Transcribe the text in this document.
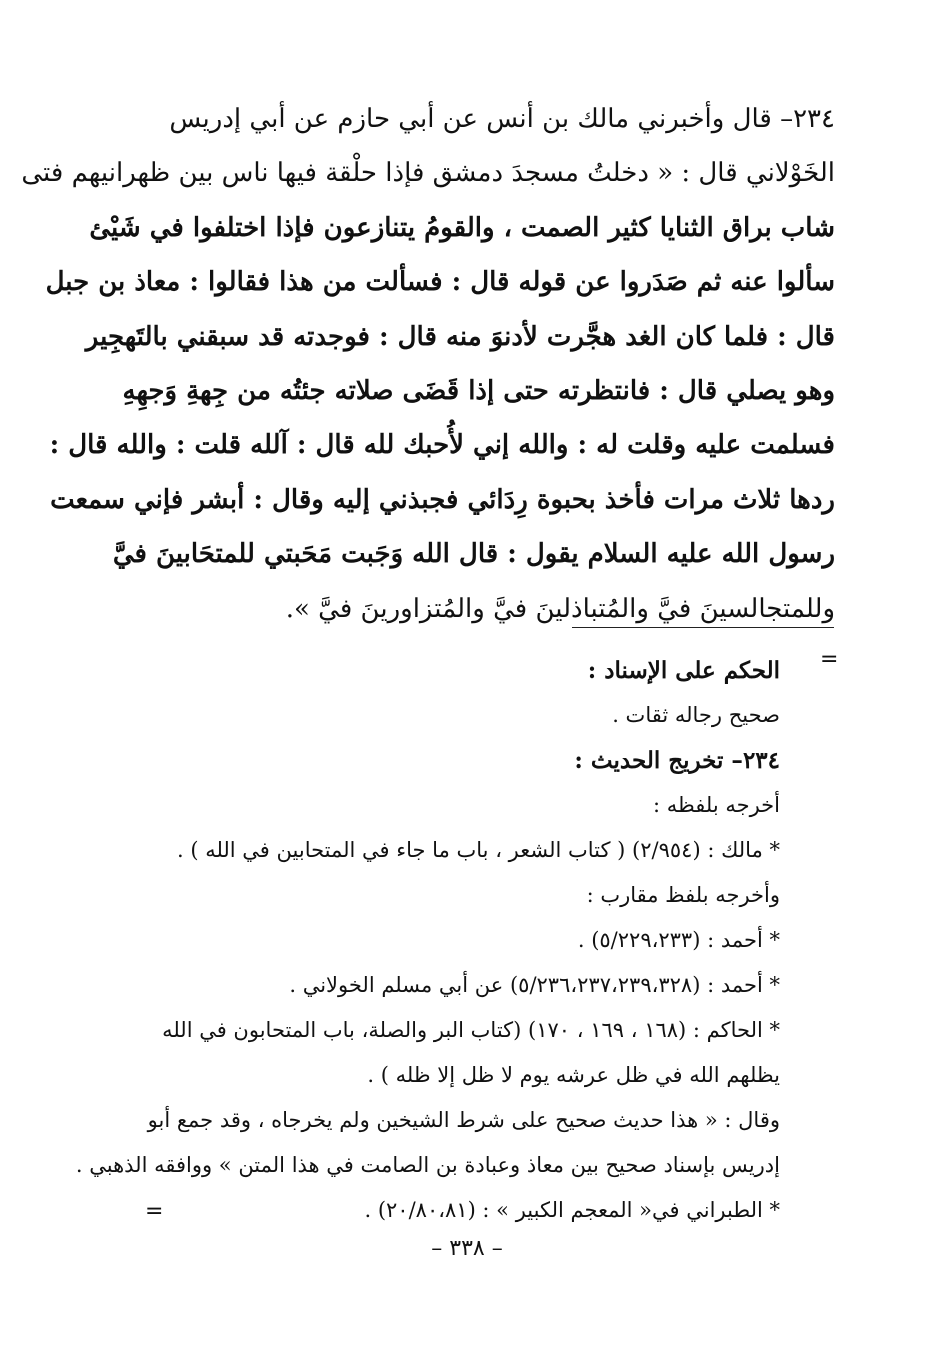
٢٣٤– قال وأخبرني مالك بن أنس عن أبي حازم عن أبي إدريس
الخَوْلاني قال : « دخلتُ مسجدَ دمشق فإذا حلْقة فيها ناس بين ظهرانيهم فتى
شاب براق الثنايا كثير الصمت ، والقومُ يتنازعون فإذا اختلفوا في شَيْئ
سألوا عنه ثم صَدَروا عن قوله قال : فسألت من هذا فقالوا : معاذ بن جبل
قال : فلما كان الغد هجَّرت لأدنوَ منه قال : فوجدته قد سبقني بالتَهجِير
وهو يصلي قال : فانتظرته حتى إذا قَضَى صلاته جئتُه من جِهةِ وَجهِهِ
فسلمت عليه وقلت له : والله إني لأُحبك لله قال : آلله قلت : والله قال :
ردها ثلاث مرات فأخذ بحبوة رِدَائي فجبذني إليه وقال : أبشر فإني سمعت
رسول الله عليه السلام يقول : قال الله وَجَبت مَحَبتي للمتحَابينَ فيَّ
وللمتجالسينَ فيَّ والمُتباذلينَ فيَّ والمُتزاورينَ فيَّ ».
=
الحكم على الإسناد :
صحيح رجاله ثقات .
٢٣٤– تخريج الحديث :
أخرجه بلفظه :
* مالك : (٢/٩٥٤) ( كتاب الشعر ، باب ما جاء في المتحابين في الله ) .
وأخرجه بلفظ مقارب :
* أحمد : (٥/٢٢٩،٢٣٣) .
* أحمد : (٥/٢٣٦،٢٣٧،٢٣٩،٣٢٨) عن أبي مسلم الخولاني .
* الحاكم : (١٦٨ ، ١٦٩ ، ١٧٠) (كتاب البر والصلة، باب المتحابون في الله
يظلهم الله في ظل عرشه يوم لا ظل إلا ظله ) .
وقال : « هذا حديث صحيح على شرط الشيخين ولم يخرجاه ، وقد جمع أبو
إدريس بإسناد صحيح بين معاذ وعبادة بن الصامت في هذا المتن » ووافقه الذهبي .
* الطبراني في« المعجم الكبير » : (٢٠/٨٠،٨١) .
=
– ٣٣٨ –
